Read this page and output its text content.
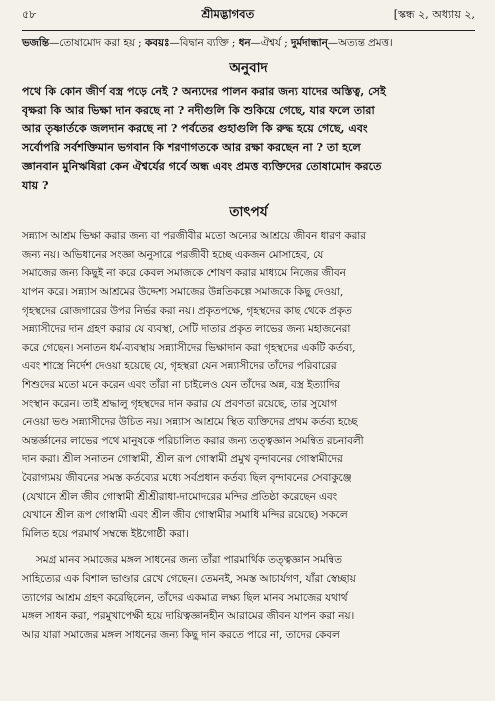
৫৮	শ্রীমদ্ভাগবত	[স্কন্ধ ২, অধ্যায় ২,

ভজন্তি—তোষামোদ করা হয় ; কবয়ঃ—বিদ্বান ব্যক্তি ; ধন—ঐশ্বর্য ; দুর্মদান্ধান্—অত্যন্ত প্রমত্ত।

অনুবাদ

পথে কি কোন জীর্ণ বস্ত্র পড়ে নেই ? অন্যদের পালন করার জন্য যাদের অস্তিত্ব, সেই
বৃক্ষরা কি আর ভিক্ষা দান করছে না ? নদীগুলি কি শুকিয়ে গেছে, যার ফলে তারা
আর তৃষ্ণার্তকে জলদান করছে না ? পর্বতের গুহাগুলি কি রুদ্ধ হয়ে গেছে, এবং
সর্বোপরি সর্বশক্তিমান ভগবান কি শরণাগতকে আর রক্ষা করছেন না ? তা হলে
জ্ঞানবান মুনিঋষিরা কেন ঐশ্বর্যের গর্বে অন্ধ এবং প্রমত্ত ব্যক্তিদের তোষামোদ করতে
যায় ?

তাৎপর্য

সন্ন্যাস আশ্রম ভিক্ষা করার জন্য বা পরজীবীর মতো অন্যের আশ্রয়ে জীবন ধারণ করার
জন্য নয়। অভিধানের সংজ্ঞা অনুসারে পরজীবী হচ্ছে একজন মোসাহেব, যে
সমাজের জন্য কিছুই না করে কেবল সমাজকে শোষণ করার মাধ্যমে নিজের জীবন
যাপন করে। সন্ন্যাস আশ্রমের উদ্দেশ্য সমাজের উন্নতিকল্পে সমাজকে কিছু দেওয়া,
গৃহস্থদের রোজগারের উপর নির্ভর করা নয়। প্রকৃতপক্ষে, গৃহস্থদের কাছ থেকে প্রকৃত
সন্ন্যাসীদের দান গ্রহণ করার যে ব্যবস্থা, সেটি দাতার প্রকৃত লাভের জন্য মহাজনেরা
করে গেছেন। সনাতন ধর্ম-ব্যবস্থায় সন্ন্যাসীদের ভিক্ষাদান করা গৃহস্থদের একটি কর্তব্য,
এবং শাস্ত্রে নির্দেশ দেওয়া হয়েছে যে, গৃহস্থরা যেন সন্ন্যাসীদের তাঁদের পরিবারের
শিশুদের মতো মনে করেন এবং তাঁরা না চাইলেও যেন তাঁদের অন্ন, বস্ত্র ইত্যাদির
সংস্থান করেন। তাই শ্রদ্ধালু গৃহস্থদের দান করার যে প্রবণতা রয়েছে, তার সুযোগ
নেওয়া ভণ্ড সন্ন্যাসীদের উচিত নয়। সন্ন্যাস আশ্রমে স্থিত ব্যক্তিদের প্রথম কর্তব্য হচ্ছে
অন্তর্জ্ঞানের লাভের পথে মানুষকে পরিচালিত করার জন্য তত্ত্বজ্ঞান সমন্বিত রচনাবলী
দান করা। শ্রীল সনাতন গোস্বামী, শ্রীল রূপ গোস্বামী প্রমুখ বৃন্দাবনের গোস্বামীদের
বৈরাগ্যময় জীবনের সমস্ত কর্তব্যের মধ্যে সর্বপ্রধান কর্তব্য ছিল বৃন্দাবনের সেবাকুঞ্জে
(যেখানে শ্রীল জীব গোস্বামী শ্রীশ্রীরাধা-দামোদরের মন্দির প্রতিষ্ঠা করেছেন এবং
যেখানে শ্রীল রূপ গোস্বামী এবং শ্রীল জীব গোস্বামীর সমাধি মন্দির রয়েছে) সকলে
মিলিত হয়ে পরমার্থ সম্বন্ধে ইষ্টগোষ্ঠী করা।

সমগ্র মানব সমাজের মঙ্গল সাধনের জন্য তাঁরা পারমার্থিক তত্ত্বজ্ঞান সমন্বিত
সাহিত্যের এক বিশাল ভাণ্ডার রেখে গেছেন। তেমনই, সমস্ত আচার্যগণ, যাঁরা স্বেচ্ছায়
ত্যাগের আশ্রম গ্রহণ করেছিলেন, তাঁদের একমাত্র লক্ষ্য ছিল মানব সমাজের যথার্থ
মঙ্গল সাধন করা, পরমুখাপেক্ষী হয়ে দায়িত্বজ্ঞানহীন আরামের জীবন যাপন করা নয়।
আর যারা সমাজের মঙ্গল সাধনের জন্য কিছু দান করতে পারে না, তাদের কেবল
